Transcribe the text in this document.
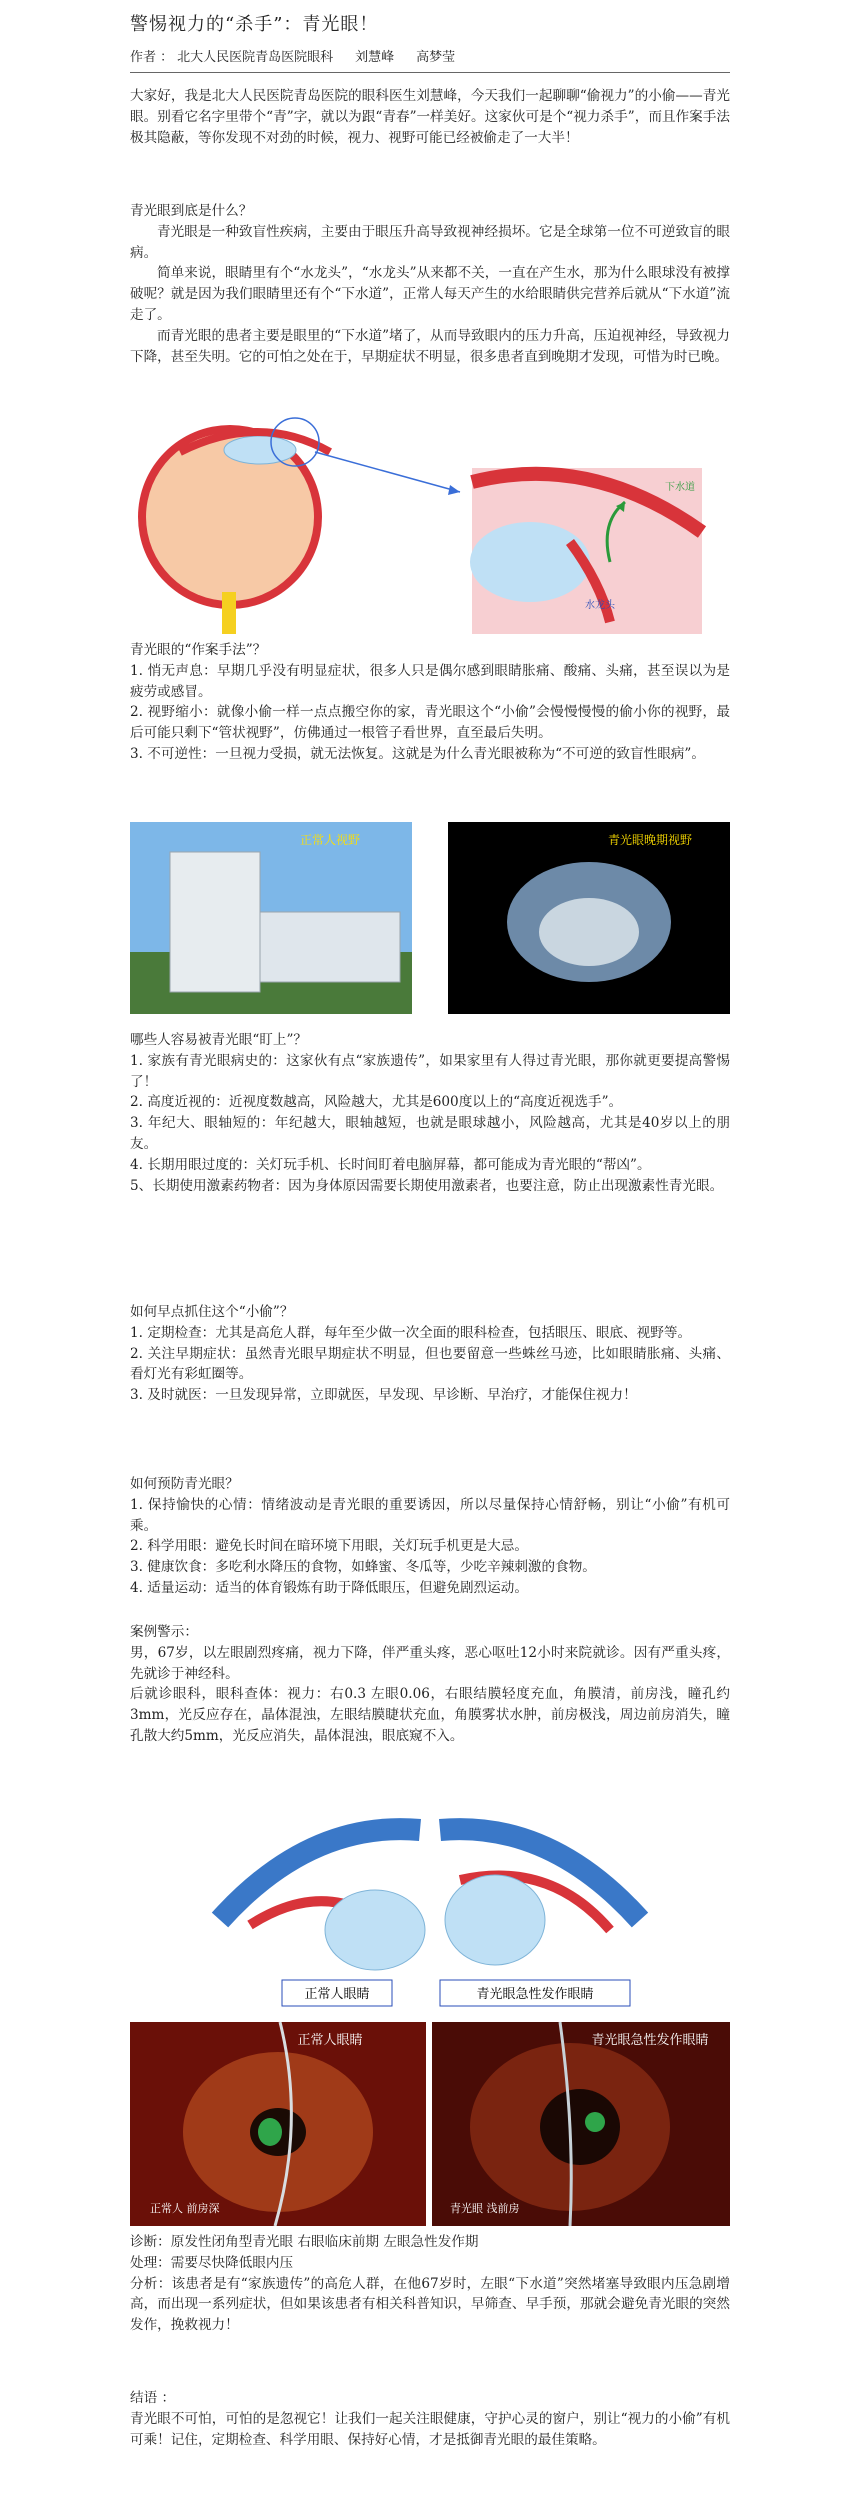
警惕视力的“杀手”：青光眼！
作者 ： 北大人民医院青岛医院眼科 刘慧峰 高梦莹

大家好，我是北大人民医院青岛医院的眼科医生刘慧峰，今天我们一起聊聊“偷视力”的小偷——青光眼。别看它名字里带个“青”字，就以为跟“青春”一样美好。这家伙可是个“视力杀手”，而且作案手法极其隐蔽，等你发现不对劲的时候，视力、视野可能已经被偷走了一大半！

青光眼到底是什么？

青光眼是一种致盲性疾病，主要由于眼压升高导致视神经损坏。它是全球第一位不可逆致盲的眼病。

简单来说，眼睛里有个“水龙头”，“水龙头”从来都不关，一直在产生水，那为什么眼球没有被撑破呢？就是因为我们眼睛里还有个“下水道”，正常人每天产生的水给眼睛供完营养后就从“下水道”流走了。

而青光眼的患者主要是眼里的“下水道”堵了，从而导致眼内的压力升高，压迫视神经，导致视力下降，甚至失明。它的可怕之处在于，早期症状不明显，很多患者直到晚期才发现，可惜为时已晚。

下水道
水龙头

青光眼的“作案手法”？

1. 悄无声息：早期几乎没有明显症状，很多人只是偶尔感到眼睛胀痛、酸痛、头痛，甚至误以为是疲劳或感冒。

2. 视野缩小：就像小偷一样一点点搬空你的家，青光眼这个“小偷”会慢慢慢慢的偷小你的视野，最后可能只剩下“管状视野”，仿佛通过一根管子看世界，直至最后失明。

3. 不可逆性：一旦视力受损，就无法恢复。这就是为什么青光眼被称为“不可逆的致盲性眼病”。

正常人视野	青光眼晚期视野

哪些人容易被青光眼“盯上”？

1. 家族有青光眼病史的：这家伙有点“家族遗传”，如果家里有人得过青光眼，那你就更要提高警惕了！

2. 高度近视的：近视度数越高，风险越大，尤其是600度以上的“高度近视选手”。

3. 年纪大、眼轴短的：年纪越大，眼轴越短，也就是眼球越小，风险越高，尤其是40岁以上的朋友。

4. 长期用眼过度的：关灯玩手机、长时间盯着电脑屏幕，都可能成为青光眼的“帮凶”。

5、长期使用激素药物者：因为身体原因需要长期使用激素者，也要注意，防止出现激素性青光眼。

如何早点抓住这个“小偷”？

1. 定期检查：尤其是高危人群，每年至少做一次全面的眼科检查，包括眼压、眼底、视野等。

2. 关注早期症状：虽然青光眼早期症状不明显，但也要留意一些蛛丝马迹，比如眼睛胀痛、头痛、看灯光有彩虹圈等。

3. 及时就医：一旦发现异常，立即就医，早发现、早诊断、早治疗，才能保住视力！

如何预防青光眼？

1. 保持愉快的心情：情绪波动是青光眼的重要诱因，所以尽量保持心情舒畅，别让“小偷”有机可乘。

2. 科学用眼：避免长时间在暗环境下用眼，关灯玩手机更是大忌。

3. 健康饮食：多吃利水降压的食物，如蜂蜜、冬瓜等，少吃辛辣刺激的食物。

4. 适量运动：适当的体育锻炼有助于降低眼压，但避免剧烈运动。

案例警示：

男，67岁，以左眼剧烈疼痛，视力下降，伴严重头疼，恶心呕吐12小时来院就诊。因有严重头疼，先就诊于神经科。

后就诊眼科，眼科查体：视力：右0.3 左眼0.06，右眼结膜轻度充血，角膜清，前房浅，瞳孔约3mm，光反应存在，晶体混浊，左眼结膜睫状充血，角膜雾状水肿，前房极浅，周边前房消失，瞳孔散大约5mm，光反应消失，晶体混浊，眼底窥不入。

正常人眼睛	青光眼急性发作眼睛
正常人眼睛
正常人 前房深
青光眼急性发作眼睛
青光眼 浅前房

诊断：原发性闭角型青光眼 右眼临床前期 左眼急性发作期

处理：需要尽快降低眼内压

分析：该患者是有“家族遗传”的高危人群，在他67岁时，左眼“下水道”突然堵塞导致眼内压急剧增高，而出现一系列症状，但如果该患者有相关科普知识，早筛查、早手预，那就会避免青光眼的突然发作，挽救视力！

结语 ：

青光眼不可怕，可怕的是忽视它！让我们一起关注眼健康，守护心灵的窗户，别让“视力的小偷”有机可乘！记住，定期检查、科学用眼、保持好心情，才是抵御青光眼的最佳策略。
